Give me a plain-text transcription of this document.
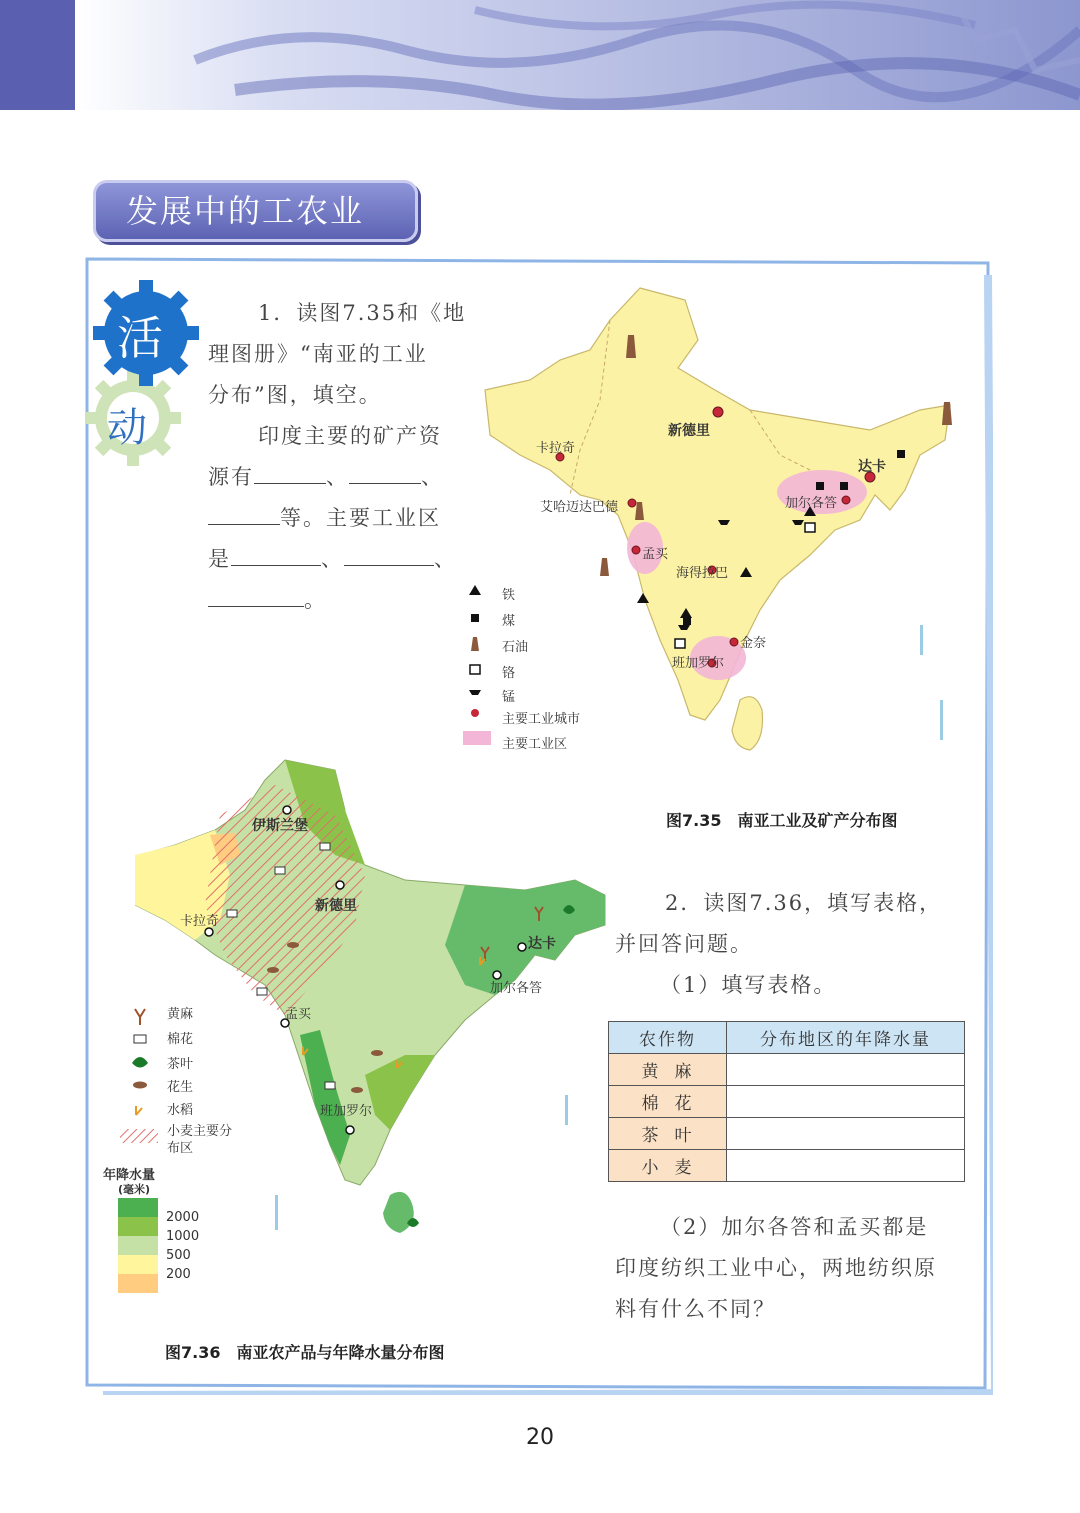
发展中的工农业
活
动
1．读图7.35和《地
理图册》“南亚的工业
分布”图，填空。
印度主要的矿产资
源有	、	、
等。主要工业区
是	、	、
。
新德里
卡拉奇
达卡
艾哈迈达巴德	加尔各答
孟买
海得拉巴
金奈
班加罗尔
铁
煤
石油
铬
锰
主要工业城市
主要工业区
图7.35　南亚工业及矿产分布图
伊斯兰堡
新德里
卡拉奇
达卡
加尔各答
孟买
班加罗尔
黄麻
棉花
茶叶
花生
水稻
小麦主要分布区
年降水量
(毫米)
2000
1000
500
200
图7.36　南亚农产品与年降水量分布图
2．读图7.36，填写表格，
并回答问题。
（1）填写表格。
农作物	分布地区的年降水量
黄麻	
棉花	
茶叶	
小麦	
（2）加尔各答和孟买都是
印度纺织工业中心，两地纺织原
料有什么不同？
20
